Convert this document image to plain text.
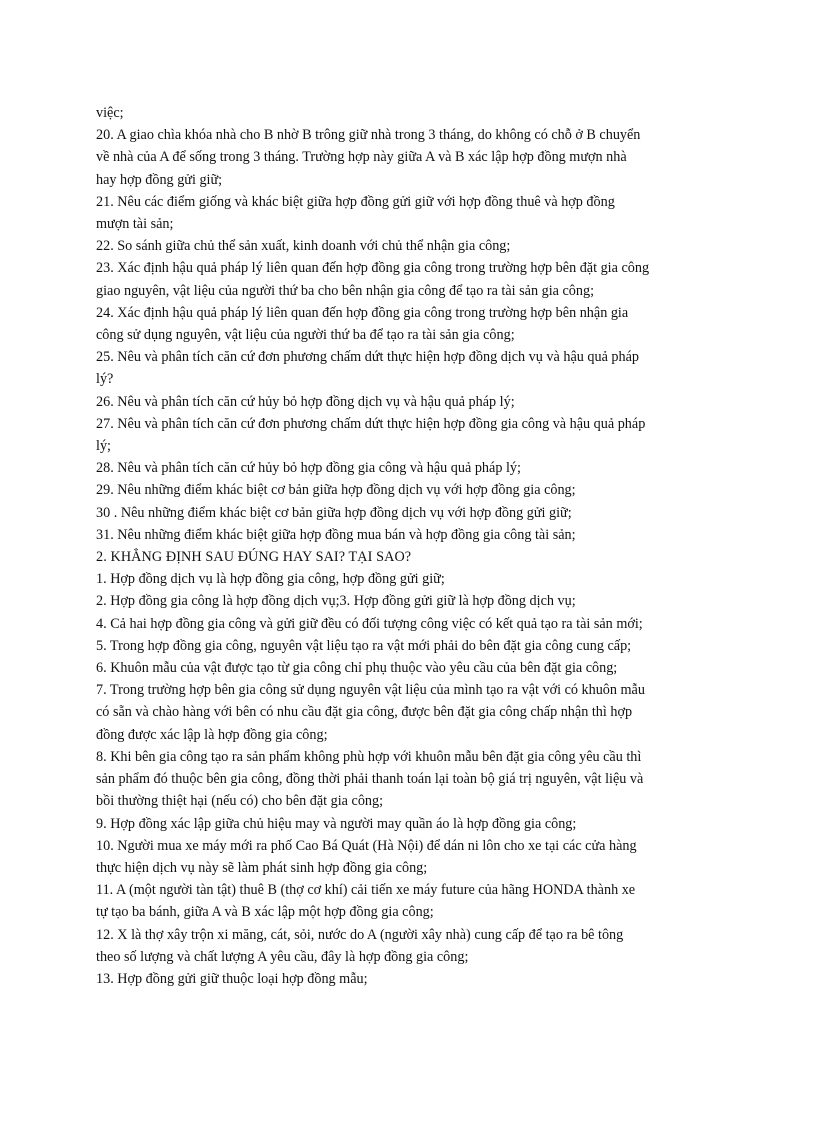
việc;
20. A giao chìa khóa nhà cho B nhờ B trông giữ nhà trong 3 tháng, do không có chỗ ở B chuyển
về nhà của A để sống trong 3 tháng. Trường hợp này giữa A và B xác lập hợp đồng mượn nhà
hay hợp đồng gửi giữ;
21. Nêu các điểm giống và khác biệt giữa hợp đồng gửi giữ với hợp đồng thuê và hợp đồng
mượn tài sản;
22. So sánh giữa chủ thể sản xuất, kinh doanh với chủ thể nhận gia công;
23. Xác định hậu quả pháp lý liên quan đến hợp đồng gia công trong trường hợp bên đặt gia công
giao nguyên, vật liệu của người thứ ba cho bên nhận gia công để tạo ra tài sản gia công;
24. Xác định hậu quả pháp lý liên quan đến hợp đồng gia công trong trường hợp bên nhận gia
công sử dụng nguyên, vật liệu của người thứ ba để tạo ra tài sản gia công;
25. Nêu và phân tích căn cứ đơn phương chấm dứt thực hiện hợp đồng dịch vụ và hậu quả pháp
lý?
26. Nêu và phân tích căn cứ hủy bỏ hợp đồng dịch vụ và hậu quả pháp lý;
27. Nêu và phân tích căn cứ đơn phương chấm dứt thực hiện hợp đồng gia công và hậu quả pháp
lý;
28. Nêu và phân tích căn cứ hủy bỏ hợp đồng gia công và hậu quả pháp lý;
29. Nêu những điểm khác biệt cơ bản giữa hợp đồng dịch vụ với hợp đồng gia công;
30 . Nêu những điểm khác biệt cơ bản giữa hợp đồng dịch vụ với hợp đồng gửi giữ;
31. Nêu những điểm khác biệt giữa hợp đồng mua bán và hợp đồng gia công tài sản;
2. KHẲNG ĐỊNH SAU ĐÚNG HAY SAI? TẠI SAO?
1. Hợp đồng dịch vụ là hợp đồng gia công, hợp đồng gửi giữ;
2. Hợp đồng gia công là hợp đồng dịch vụ;3. Hợp đồng gửi giữ là hợp đồng dịch vụ;
4. Cả hai hợp đồng gia công và gửi giữ đều có đối tượng công việc có kết quả tạo ra tài sản mới;
5. Trong hợp đồng gia công, nguyên vật liệu tạo ra vật mới phải do bên đặt gia công cung cấp;
6. Khuôn mẫu của vật được tạo từ gia công chỉ phụ thuộc vào yêu cầu của bên đặt gia công;
7. Trong trường hợp bên gia công sử dụng nguyên vật liệu của mình tạo ra vật với có khuôn mẫu
có sẵn và chào hàng với bên có nhu cầu đặt gia công, được bên đặt gia công chấp nhận thì hợp
đồng được xác lập là hợp đồng gia công;
8. Khi bên gia công tạo ra sản phẩm không phù hợp với khuôn mẫu bên đặt gia công yêu cầu thì
sản phẩm đó thuộc bên gia công, đồng thời phải thanh toán lại toàn bộ giá trị nguyên, vật liệu và
bồi thường thiệt hại (nếu có) cho bên đặt gia công;
9. Hợp đồng xác lập giữa chủ hiệu may và người may quần áo là hợp đồng gia công;
10. Người mua xe máy mới ra phố Cao Bá Quát (Hà Nội) để dán ni lôn cho xe tại các cửa hàng
thực hiện dịch vụ này sẽ làm phát sinh hợp đồng gia công;
11. A (một người tàn tật) thuê B (thợ cơ khí) cải tiến xe máy future của hãng HONDA thành xe
tự tạo ba bánh, giữa A và B xác lập một hợp đồng gia công;
12. X là thợ xây trộn xi măng, cát, sỏi, nước do A (người xây nhà) cung cấp để tạo ra bê tông
theo số lượng và chất lượng A yêu cầu, đây là hợp đồng gia công;
13. Hợp đồng gửi giữ thuộc loại hợp đồng mẫu;
